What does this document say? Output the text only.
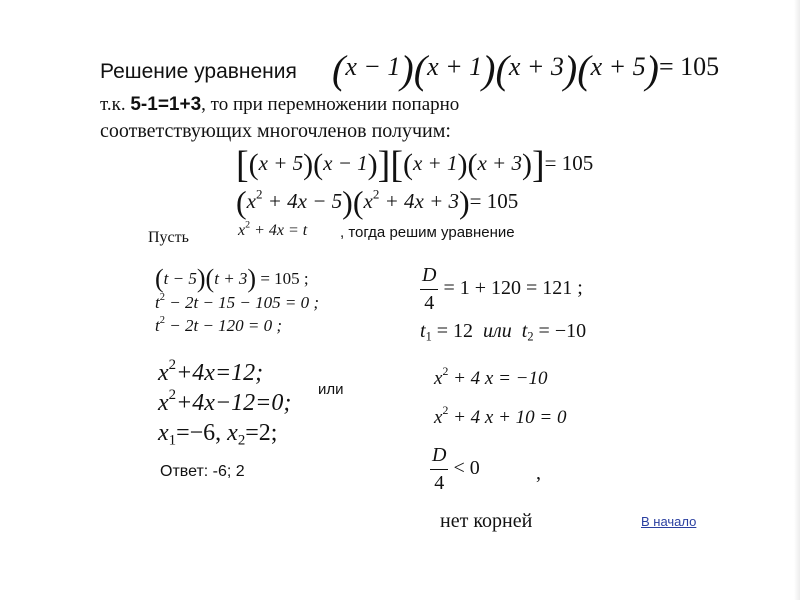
Решение уравнения (x − 1)(x + 1)(x + 3)(x + 5)= 105
т.к. 5-1=1+3, то при перемножении попарно
соответствующих многочленов получим:
[(x + 5)(x − 1)][(x + 1)(x + 3)]= 105
$(x^2 + 4x - 5)(x^2 + 4x + 3)= 105$
Пусть	$x^2 + 4x = t$ , тогда решим уравнение
(t − 5)(t + 3) = 105 ;
$t^2 - 2t - 15 - 105 = 0$ ;
$t^2 - 2t - 120 = 0$ ;
$\frac{D}{4} = 1 + 120 = 121$ ;
$t_1 = 12$ или $t_2 = -10$
$x^2+4x=12$;
или
$x^2+4x-12=0$;
$x_1=-6$, $x_2=2$;
$x^2 + 4$ x = −10
$x^2 + 4$ x + 10 = 0
$\frac{D}{4} < 0$	,
нет корней
Ответ: -6; 2
В начало
